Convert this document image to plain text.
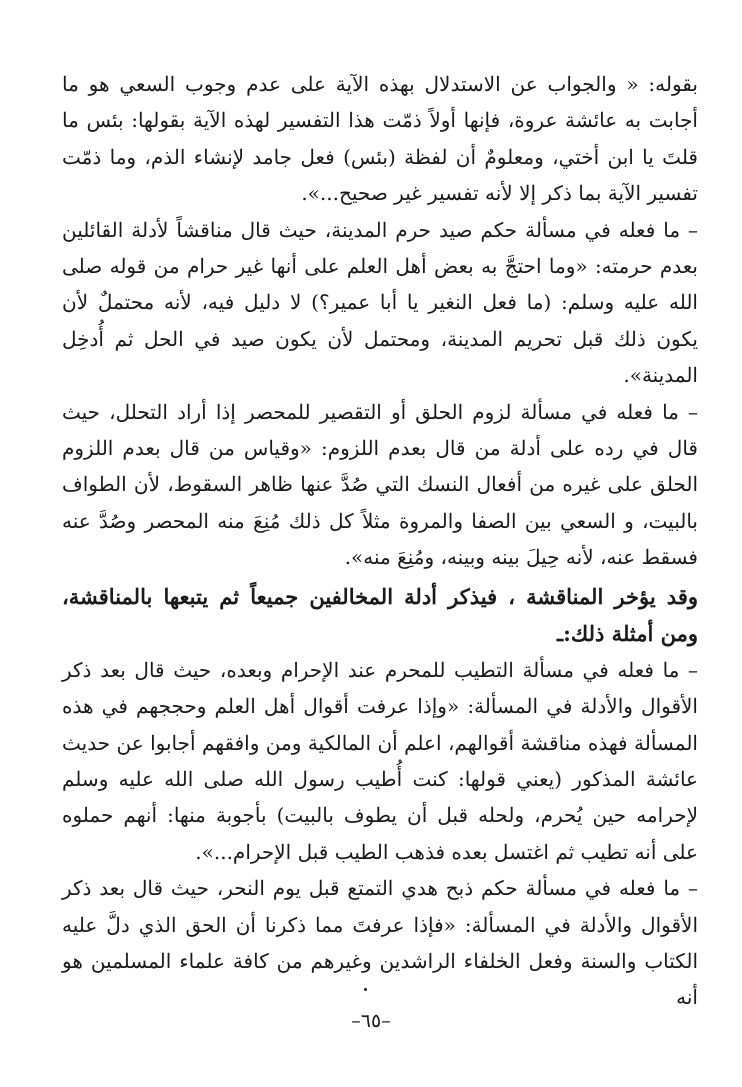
بقوله: « والجواب عن الاستدلال بهذه الآية على عدم وجوب السعي هو ما أجابت به عائشة عروة، فإنها أولاً ذمّت هذا التفسير لهذه الآية بقولها: بئس ما قلتَ يا ابن أختي، ومعلومٌ أن لفظة (بئس) فعل جامد لإنشاء الذم، وما ذمّت تفسير الآية بما ذكر إلا لأنه تفسير غير صحيح...».

– ما فعله في مسألة حكم صيد حرم المدينة، حيث قال مناقشاً لأدلة القائلين بعدم حرمته: «وما احتجَّ به بعض أهل العلم على أنها غير حرام من قوله صلى الله عليه وسلم: (ما فعل النغير يا أبا عمير؟) لا دليل فيه، لأنه محتملٌ لأن يكون ذلك قبل تحريم المدينة، ومحتمل لأن يكون صيد في الحل ثم أُدخِل المدينة».

– ما فعله في مسألة لزوم الحلق أو التقصير للمحصر إذا أراد التحلل، حيث قال في رده على أدلة من قال بعدم اللزوم: «وقياس من قال بعدم اللزوم الحلق على غيره من أفعال النسك التي صُدَّ عنها ظاهر السقوط، لأن الطواف بالبيت، و السعي بين الصفا والمروة مثلاً كل ذلك مُنِعَ منه المحصر وصُدَّ عنه فسقط عنه، لأنه حِيلَ بينه وبينه، ومُنِعَ منه».

وقد يؤخر المناقشة ، فيذكر أدلة المخالفين جميعاً ثم يتبعها بالمناقشة، ومن أمثلة ذلك:ـ

– ما فعله في مسألة التطيب للمحرم عند الإحرام وبعده، حيث قال بعد ذكر الأقوال والأدلة في المسألة: «وإذا عرفت أقوال أهل العلم وحججهم في هذه المسألة فهذه مناقشة أقوالهم، اعلم أن المالكية ومن وافقهم أجابوا عن حديث عائشة المذكور (يعني قولها: كنت أُطيب رسول الله صلى الله عليه وسلم لإحرامه حين يُحرم، ولحله قبل أن يطوف بالبيت) بأجوبة منها: أنهم حملوه على أنه تطيب ثم اغتسل بعده فذهب الطيب قبل الإحرام...».

– ما فعله في مسألة حكم ذبح هدي التمتع قبل يوم النحر، حيث قال بعد ذكر الأقوال والأدلة في المسألة: «فإذا عرفتَ مما ذكرنا أن الحق الذي دلَّ عليه الكتاب والسنة وفعل الخلفاء الراشدين وغيرهم من كافة علماء المسلمين هو أنه

–٦٥–
